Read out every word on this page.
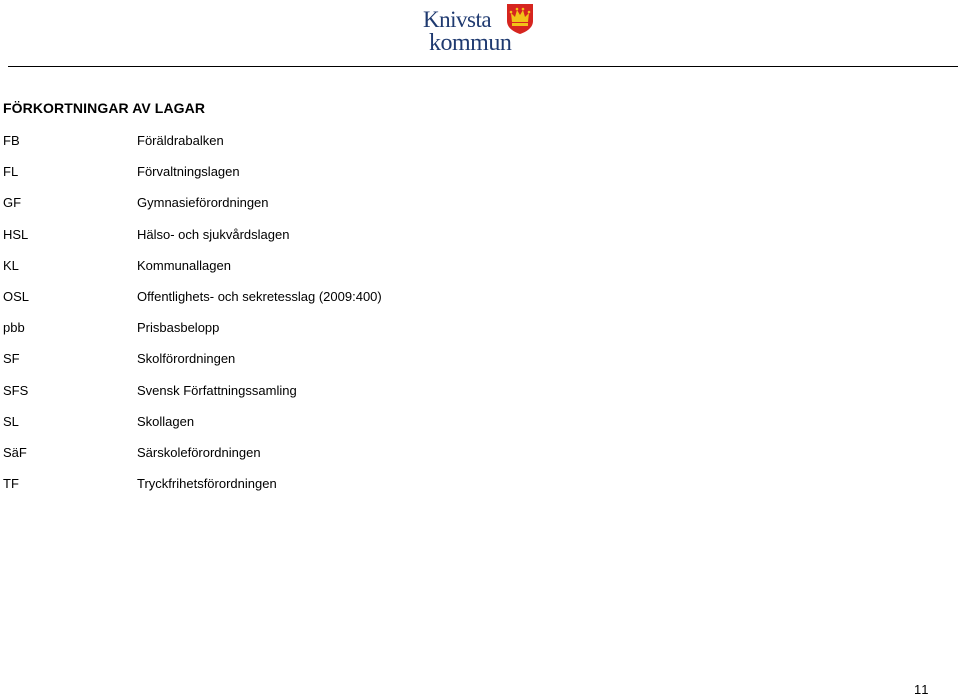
Knivsta
kommun
FÖRKORTNINGAR AV LAGAR
FB	Föräldrabalken
FL	Förvaltningslagen
GF	Gymnasieförordningen
HSL	Hälso- och sjukvårdslagen
KL	Kommunallagen
OSL	Offentlighets- och sekretesslag (2009:400)
pbb	Prisbasbelopp
SF	Skolförordningen
SFS	Svensk Författningssamling
SL	Skollagen
SäF	Särskoleförordningen
TF	Tryckfrihetsförordningen
11
